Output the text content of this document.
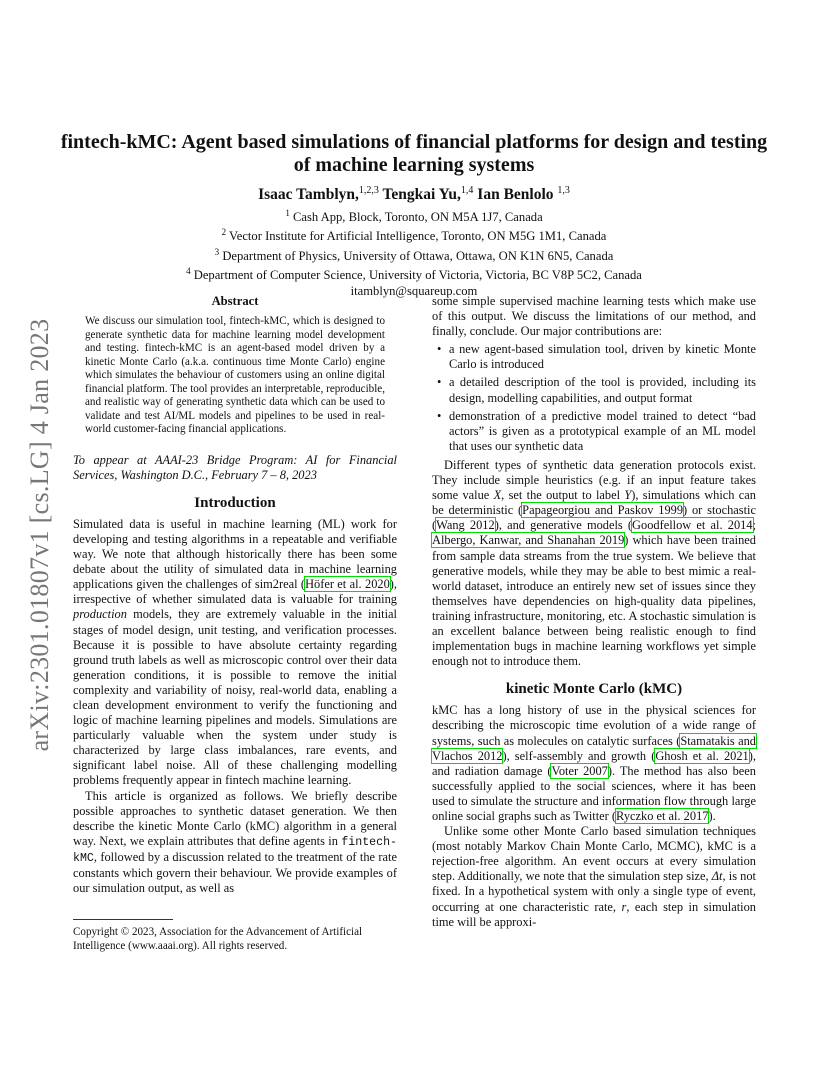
arXiv:2301.01807v1 [cs.LG] 4 Jan 2023
fintech-kMC: Agent based simulations of financial platforms for design and testing of machine learning systems
Isaac Tamblyn,$^{1,2,3}$ Tengkai Yu,$^{1,4}$ Ian Benlolo $^{1,3}$
$^1$ Cash App, Block, Toronto, ON M5A 1J7, Canada
$^2$ Vector Institute for Artificial Intelligence, Toronto, ON M5G 1M1, Canada
$^3$ Department of Physics, University of Ottawa, Ottawa, ON K1N 6N5, Canada
$^4$ Department of Computer Science, University of Victoria, Victoria, BC V8P 5C2, Canada
itamblyn@squareup.com
Abstract

We discuss our simulation tool, fintech-kMC, which is designed to generate synthetic data for machine learning model development and testing. fintech-kMC is an agent-based model driven by a kinetic Monte Carlo (a.k.a. continuous time Monte Carlo) engine which simulates the behaviour of customers using an online digital financial platform. The tool provides an interpretable, reproducible, and realistic way of generating synthetic data which can be used to validate and test AI/ML models and pipelines to be used in real-world customer-facing financial applications.

To appear at AAAI-23 Bridge Program: AI for Financial Services, Washington D.C., February 7 – 8, 2023

Introduction

Simulated data is useful in machine learning (ML) work for developing and testing algorithms in a repeatable and verifiable way. We note that although historically there has been some debate about the utility of simulated data in machine learning applications given the challenges of sim2real (Höfer et al. 2020), irrespective of whether simulated data is valuable for training production models, they are extremely valuable in the initial stages of model design, unit testing, and verification processes. Because it is possible to have absolute certainty regarding ground truth labels as well as microscopic control over their data generation conditions, it is possible to remove the initial complexity and variability of noisy, real-world data, enabling a clean development environment to verify the functioning and logic of machine learning pipelines and models. Simulations are particularly valuable when the system under study is characterized by large class imbalances, rare events, and significant label noise. All of these challenging modelling problems frequently appear in fintech machine learning.

This article is organized as follows. We briefly describe possible approaches to synthetic dataset generation. We then describe the kinetic Monte Carlo (kMC) algorithm in a general way. Next, we explain attributes that define agents in fintech-kMC, followed by a discussion related to the treatment of the rate constants which govern their behaviour. We provide examples of our simulation output, as well as

Copyright © 2023, Association for the Advancement of Artificial Intelligence (www.aaai.org). All rights reserved.

some simple supervised machine learning tests which make use of this output. We discuss the limitations of our method, and finally, conclude. Our major contributions are:

• a new agent-based simulation tool, driven by kinetic Monte Carlo is introduced
• a detailed description of the tool is provided, including its design, modelling capabilities, and output format
• demonstration of a predictive model trained to detect “bad actors” is given as a prototypical example of an ML model that uses our synthetic data

Different types of synthetic data generation protocols exist. They include simple heuristics (e.g. if an input feature takes some value X, set the output to label Y), simulations which can be deterministic (Papageorgiou and Paskov 1999) or stochastic (Wang 2012), and generative models (Goodfellow et al. 2014; Albergo, Kanwar, and Shanahan 2019) which have been trained from sample data streams from the true system. We believe that generative models, while they may be able to best mimic a real-world dataset, introduce an entirely new set of issues since they themselves have dependencies on high-quality data pipelines, training infrastructure, monitoring, etc. A stochastic simulation is an excellent balance between being realistic enough to find implementation bugs in machine learning workflows yet simple enough not to introduce them.

kinetic Monte Carlo (kMC)

kMC has a long history of use in the physical sciences for describing the microscopic time evolution of a wide range of systems, such as molecules on catalytic surfaces (Stamatakis and Vlachos 2012), self-assembly and growth (Ghosh et al. 2021), and radiation damage (Voter 2007). The method has also been successfully applied to the social sciences, where it has been used to simulate the structure and information flow through large online social graphs such as Twitter (Ryczko et al. 2017).

Unlike some other Monte Carlo based simulation techniques (most notably Markov Chain Monte Carlo, MCMC), kMC is a rejection-free algorithm. An event occurs at every simulation step. Additionally, we note that the simulation step size, Δt, is not fixed. In a hypothetical system with only a single type of event, occurring at one characteristic rate, r, each step in simulation time will be approxi-
